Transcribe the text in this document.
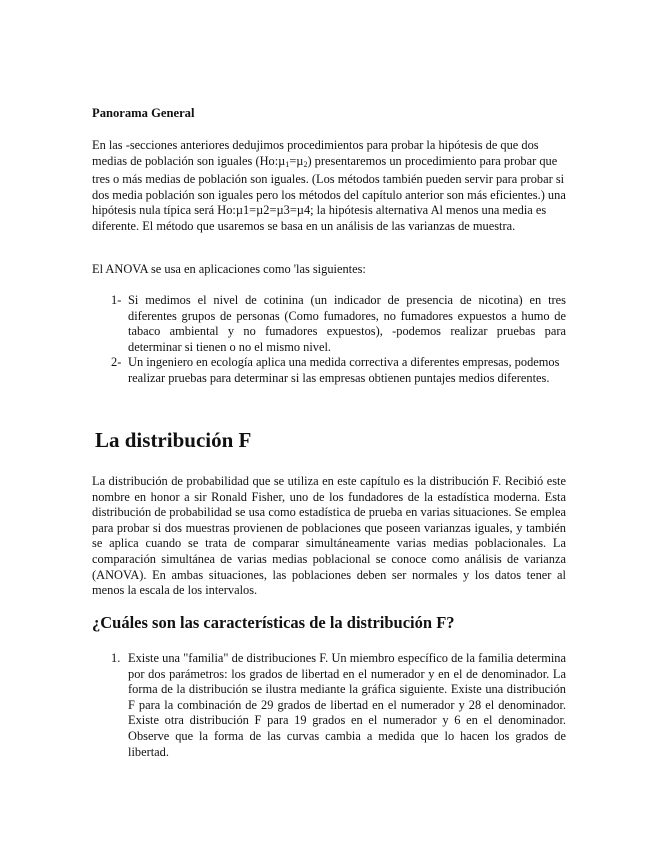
Panorama General

En las -secciones anteriores dedujimos procedimientos para probar la hipótesis de que dos medias de población son iguales (Ho:µ$_1$=µ$_2$) presentaremos un procedimiento para probar que tres o más medias de población son iguales. (Los métodos también pueden servir para probar si dos media población son iguales pero los métodos del capítulo anterior son más eficientes.) una hipótesis nula típica será Ho:µ1=µ2=µ3=µ4; la hipótesis alternativa Al menos una media es diferente. El método que usaremos se basa en un análisis de las varianzas de muestra.

El ANOVA se usa en aplicaciones como 'las siguientes:

1- Si medimos el nivel de cotinina (un indicador de presencia de nicotina) en tres diferentes grupos de personas (Como fumadores, no fumadores expuestos a humo de tabaco ambiental y no fumadores expuestos), -podemos realizar pruebas para determinar si tienen o no el mismo nivel.
2- Un ingeniero en ecología aplica una medida correctiva a diferentes empresas, podemos realizar pruebas para determinar si las empresas obtienen puntajes medios diferentes.
La distribución F

La distribución de probabilidad que se utiliza en este capítulo es la distribución F. Recibió este nombre en honor a sir Ronald Fisher, uno de los fundadores de la estadística moderna. Esta distribución de probabilidad se usa como estadística de prueba en varias situaciones. Se emplea para probar si dos muestras provienen de poblaciones que poseen varianzas iguales, y también se aplica cuando se trata de comparar simultáneamente varias medias poblacionales. La comparación simultánea de varias medias poblacional se conoce como análisis de varianza (ANOVA). En ambas situaciones, las poblaciones deben ser normales y los datos tener al menos la escala de los intervalos.

¿Cuáles son las características de la distribución F?
1. Existe una "familia" de distribuciones F. Un miembro específico de la familia determina por dos parámetros: los grados de libertad en el numerador y en el de denominador. La forma de la distribución se ilustra mediante la gráfica siguiente. Existe una distribución F para la combinación de 29 grados de libertad en el numerador y 28 el denominador. Existe otra distribución F para 19 grados en el numerador y 6 en el denominador. Observe que la forma de las curvas cambia a medida que lo hacen los grados de libertad.
